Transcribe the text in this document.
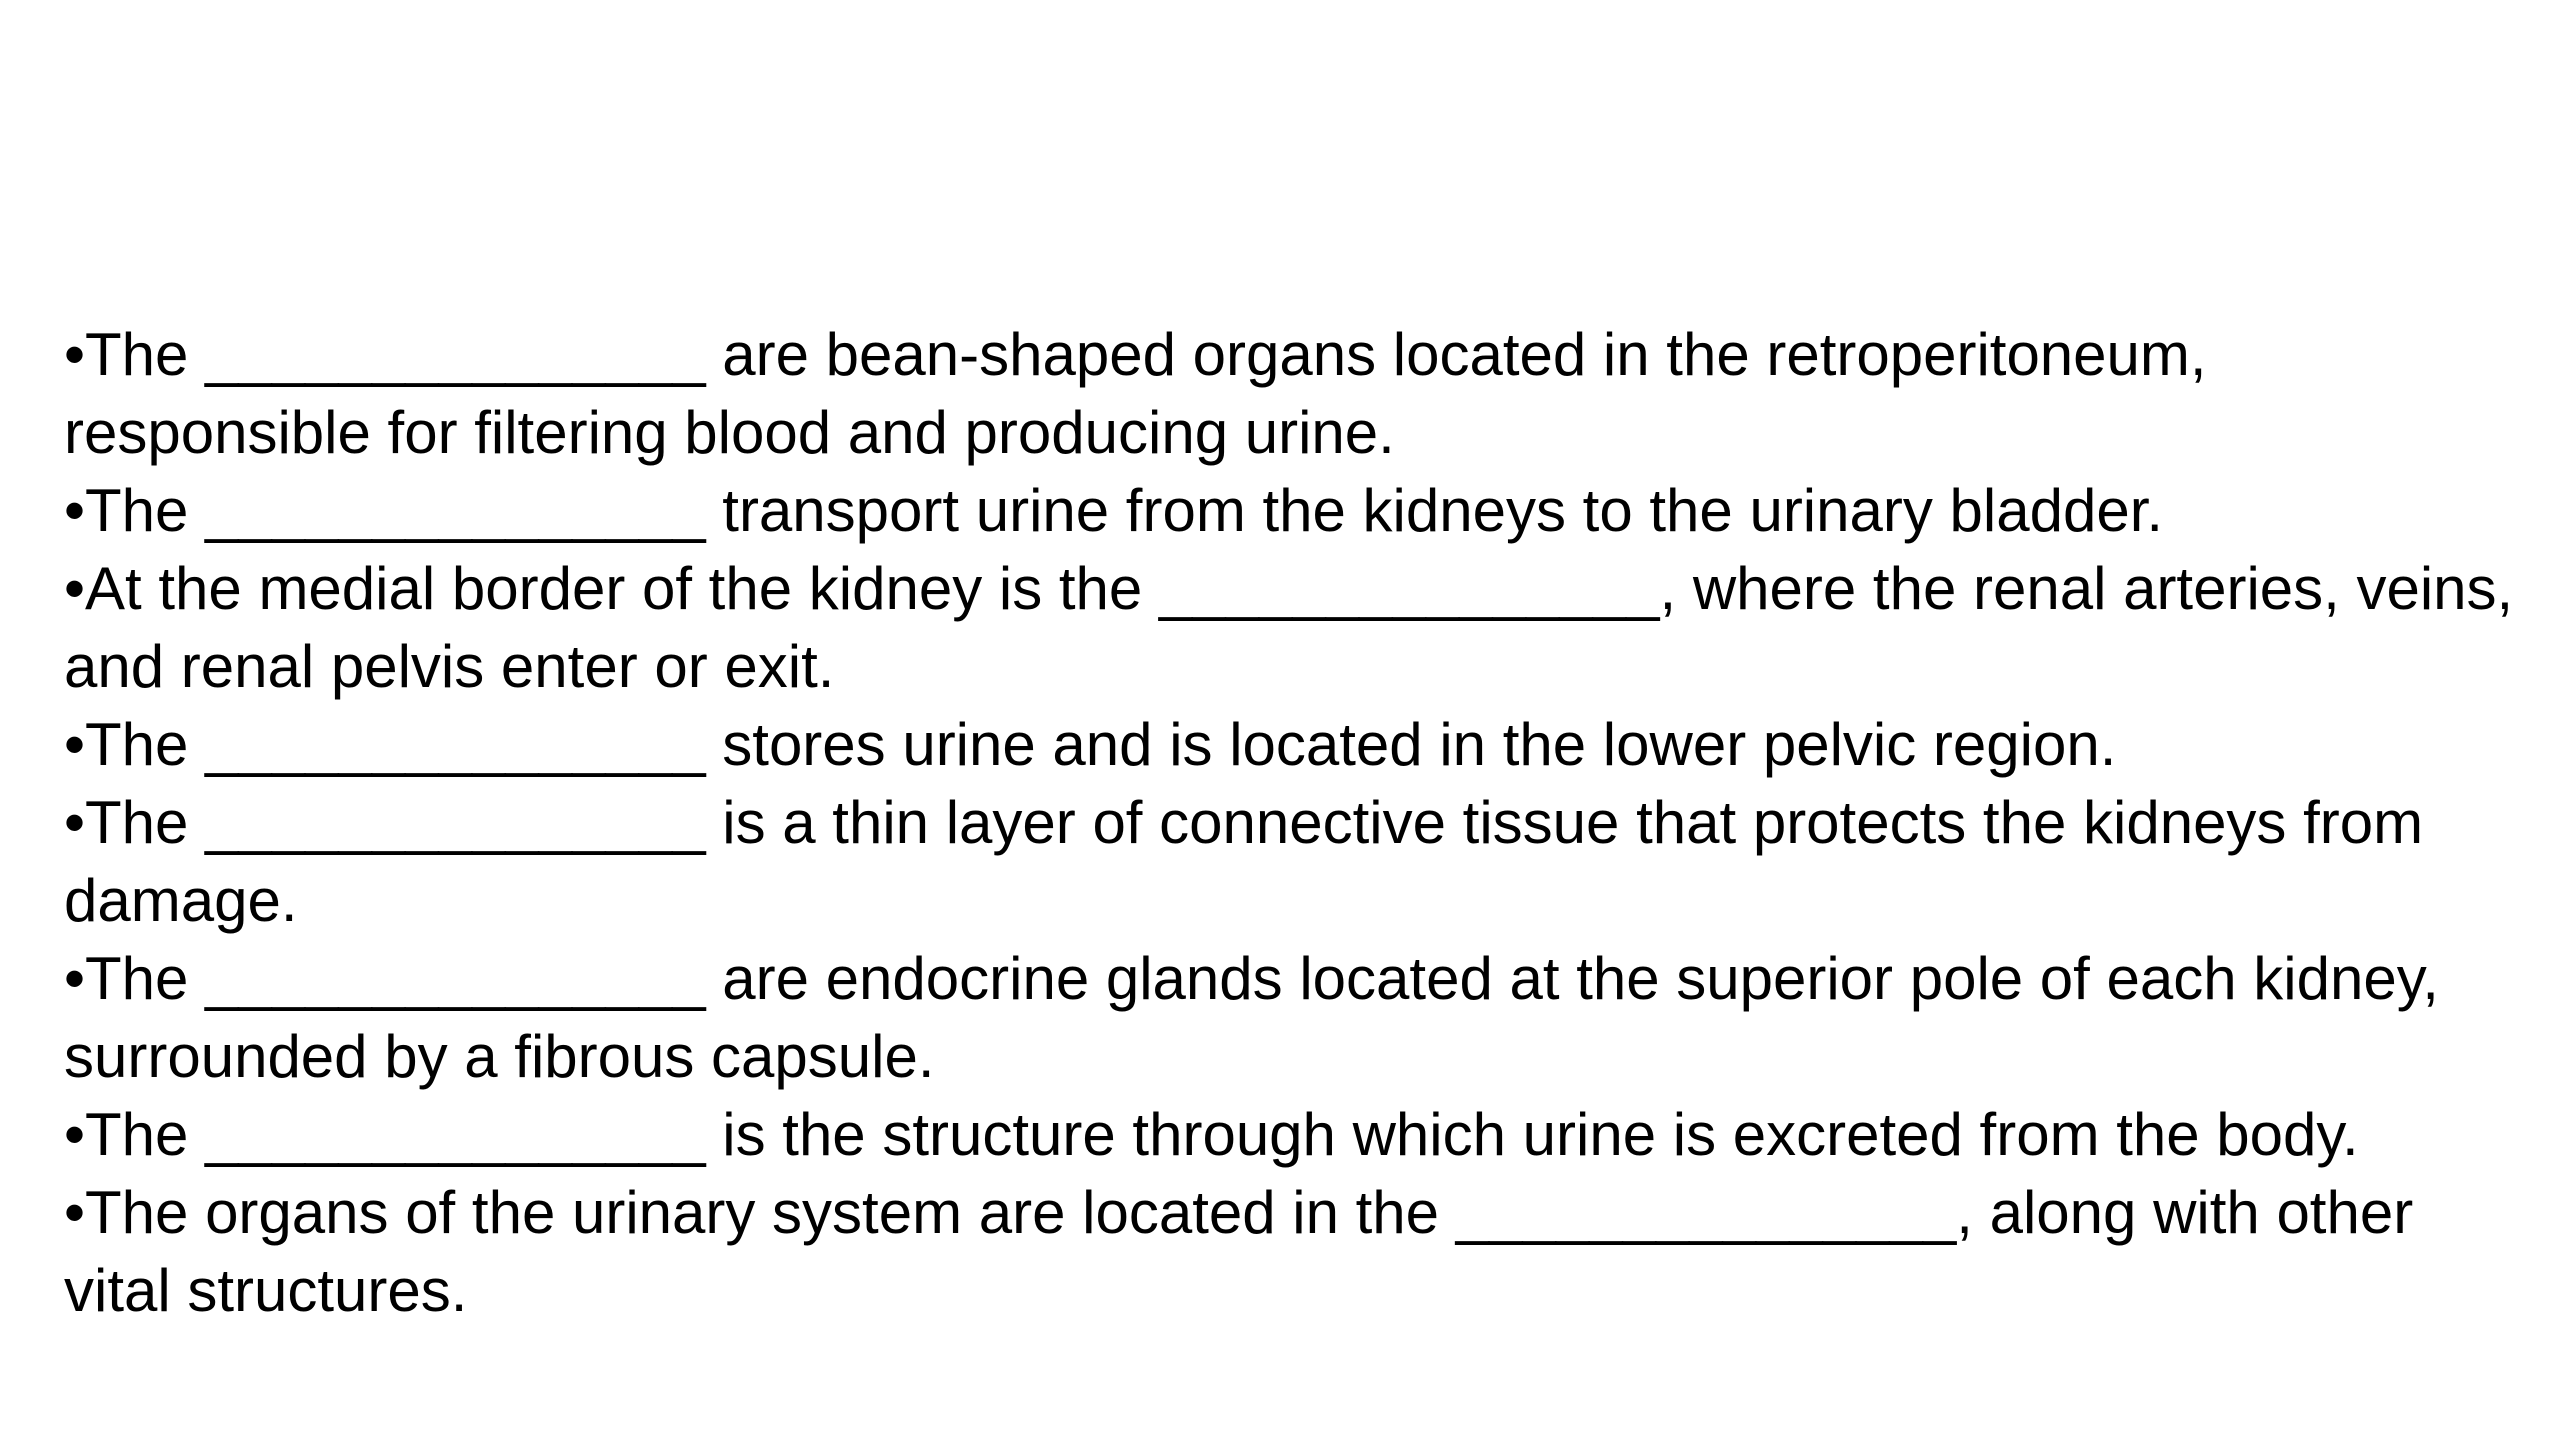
•The _______________ are bean-shaped organs located in the retroperitoneum, responsible for filtering blood and producing urine.
•The _______________ transport urine from the kidneys to the urinary bladder.
•At the medial border of the kidney is the _______________, where the renal arteries, veins, and renal pelvis enter or exit.
•The _______________ stores urine and is located in the lower pelvic region.
•The _______________ is a thin layer of connective tissue that protects the kidneys from damage.
•The _______________ are endocrine glands located at the superior pole of each kidney, surrounded by a fibrous capsule.
•The _______________ is the structure through which urine is excreted from the body.
•The organs of the urinary system are located in the _______________, along with other vital structures.
